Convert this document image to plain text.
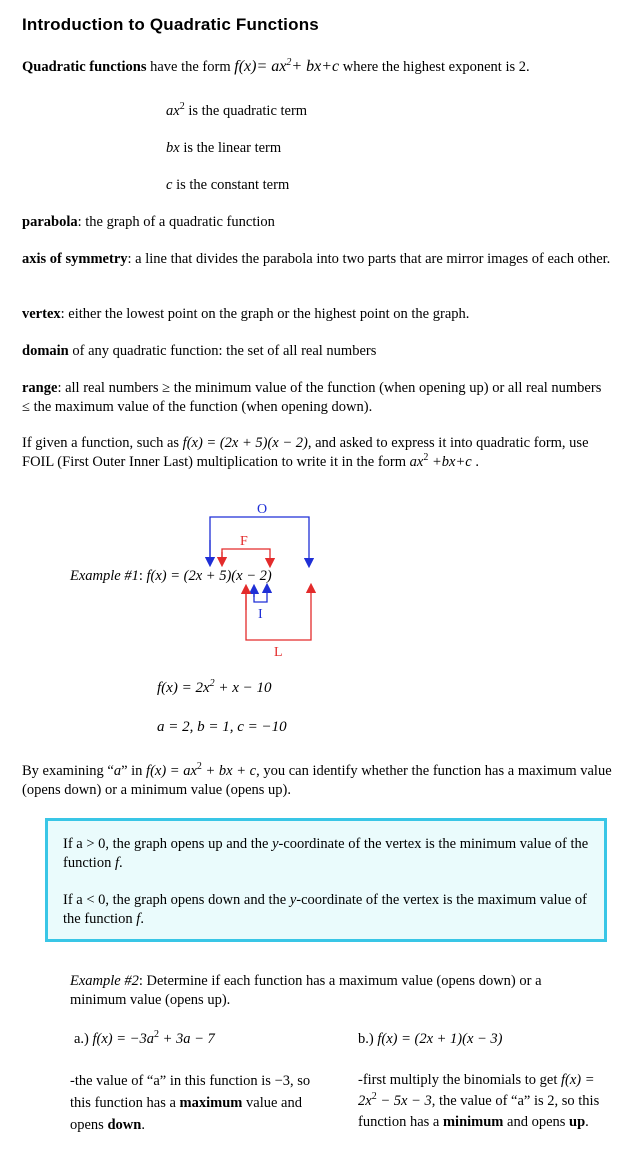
Introduction to Quadratic Functions
Quadratic functions have the form $f(x)= ax^2+ bx+c$ where the highest exponent is 2.
$ax^2$ is the quadratic term
bx is the linear term
c is the constant term
parabola: the graph of a quadratic function
axis of symmetry: a line that divides the parabola into two parts that are mirror images of each other.
vertex: either the lowest point on the graph or the highest point on the graph.
domain of any quadratic function: the set of all real numbers
range: all real numbers ≥ the minimum value of the function (when opening up) or all real numbers ≤ the maximum value of the function (when opening down).
If given a function, such as f(x) = (2x + 5)(x − 2), and asked to express it into quadratic form, use FOIL (First Outer Inner Last) multiplication to write it in the form $ax^2 +bx+c$ .
O
F
I
L
Example #1: f(x) = (2x + 5)(x − 2)
$f(x) = 2x^2 + x - 10$
a = 2, b = 1, c = −10
By examining “a” in $f(x) = ax^2$ + bx + c, you can identify whether the function has a maximum value (opens down) or a minimum value (opens up).
If a > 0, the graph opens up and the y-coordinate of the vertex is the minimum value of the function f.
If a < 0, the graph opens down and the y-coordinate of the vertex is the maximum value of the function f.
Example #2: Determine if each function has a maximum value (opens down) or a minimum value (opens up).
a.) $f(x) = -3a^2 + 3a - 7$	b.) f(x) = (2x + 1)(x − 3)
-the value of “a” in this function is −3, so this function has a maximum value and opens down.
-first multiply the binomials to get $f(x) = 2x^2 - 5x - 3$, the value of “a” is 2, so this function has a minimum and opens up.
